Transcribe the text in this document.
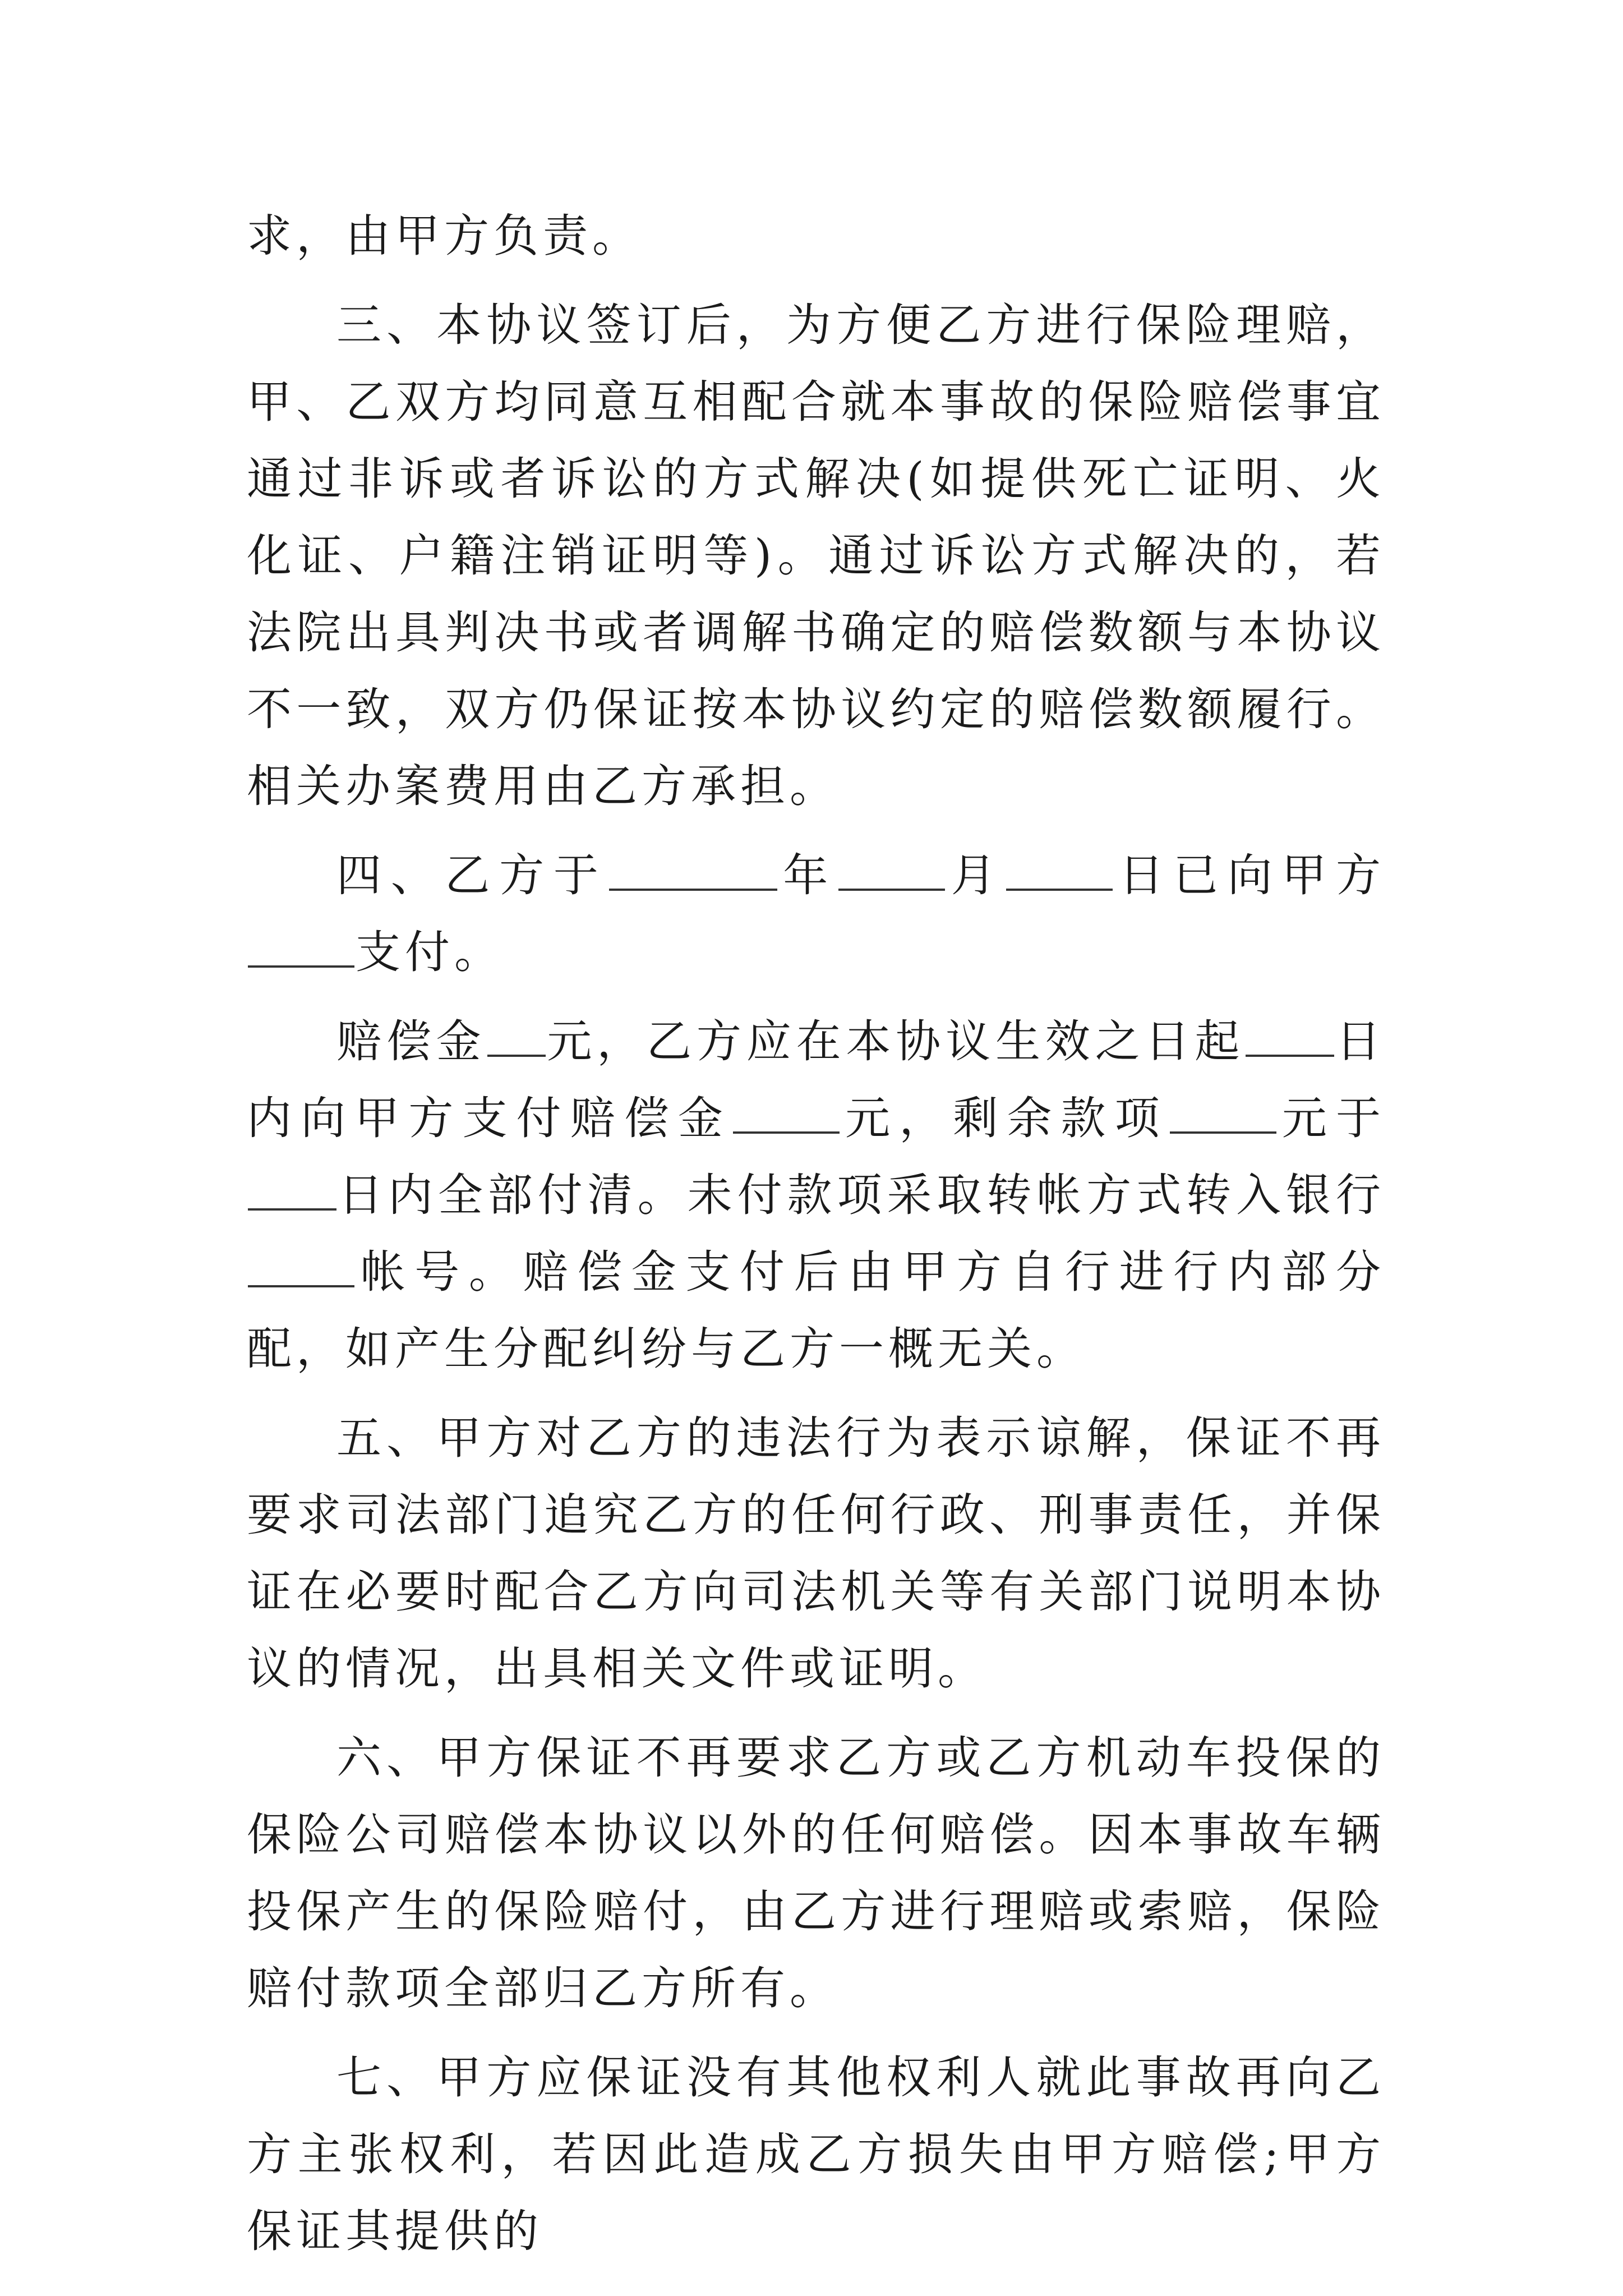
求，由甲方负责。

三、本协议签订后，为方便乙方进行保险理赔，甲、乙双方均同意互相配合就本事故的保险赔偿事宜通过非诉或者诉讼的方式解决(如提供死亡证明、火化证、户籍注销证明等)。通过诉讼方式解决的，若法院出具判决书或者调解书确定的赔偿数额与本协议不一致，双方仍保证按本协议约定的赔偿数额履行。相关办案费用由乙方承担。

四、乙方于	年 月 日已向甲方支付。

赔偿金 元，乙方应在本协议生效之日起 日内向甲方支付赔偿金 元，剩余款项 元于日内全部付清。未付款项采取转帐方式转入银行帐号。赔偿金支付后由甲方自行进行内部分配，如产生分配纠纷与乙方一概无关。

五、甲方对乙方的违法行为表示谅解，保证不再要求司法部门追究乙方的任何行政、刑事责任，并保证在必要时配合乙方向司法机关等有关部门说明本协议的情况，出具相关文件或证明。

六、甲方保证不再要求乙方或乙方机动车投保的保险公司赔偿本协议以外的任何赔偿。因本事故车辆投保产生的保险赔付，由乙方进行理赔或索赔，保险赔付款项全部归乙方所有。

七、甲方应保证没有其他权利人就此事故再向乙方主张权利，若因此造成乙方损失由甲方赔偿;甲方保证其提供的
